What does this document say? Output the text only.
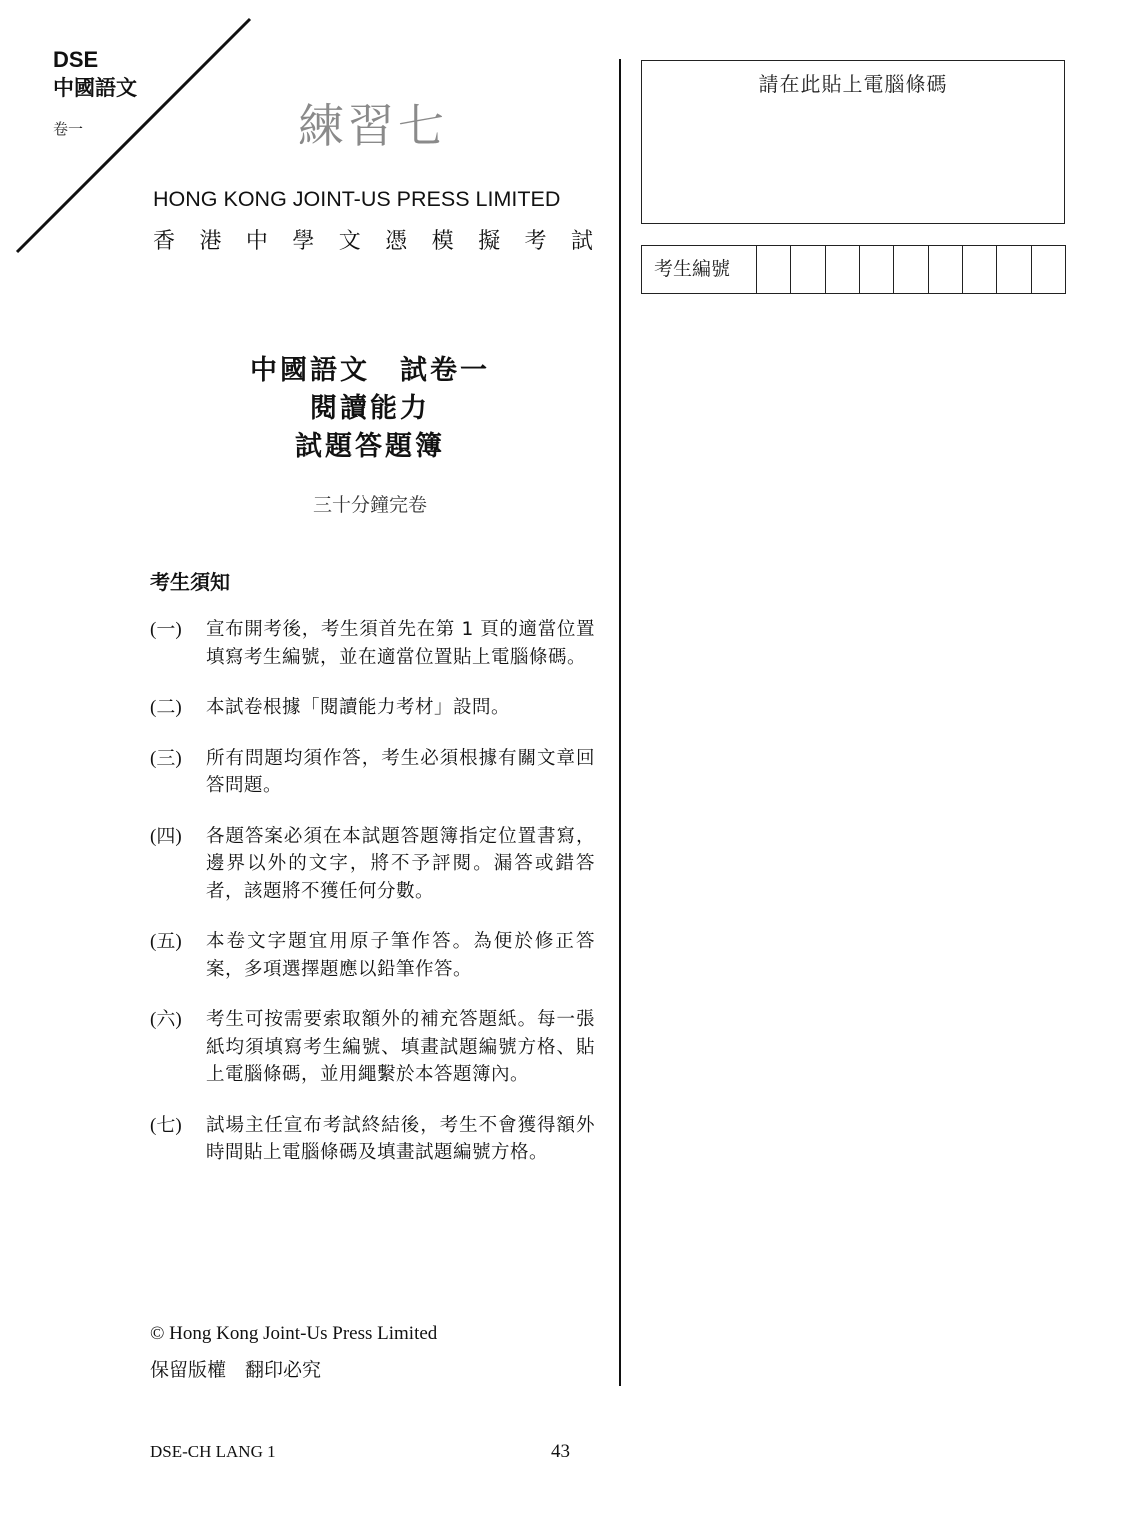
DSE
中國語文
卷一	練習七
HONG KONG JOINT-US PRESS LIMITED
香 港 中 學 文 憑 模 擬 考 試
中國語文　試卷一
閱讀能力
試題答題簿
三十分鐘完卷
考生須知
(一)	宣布開考後，考生須首先在第 1 頁的適當位置填寫考生編號，並在適當位置貼上電腦條碼。
(二)	本試卷根據「閱讀能力考材」設問。
(三)	所有問題均須作答，考生必須根據有關文章回答問題。
(四)	各題答案必須在本試題答題簿指定位置書寫，邊界以外的文字，將不予評閱。漏答或錯答者，該題將不獲任何分數。
(五)	本卷文字題宜用原子筆作答。為便於修正答案，多項選擇題應以鉛筆作答。
(六)	考生可按需要索取額外的補充答題紙。每一張紙均須填寫考生編號、填畫試題編號方格、貼上電腦條碼，並用繩繫於本答題簿內。
(七)	試場主任宣布考試終結後，考生不會獲得額外時間貼上電腦條碼及填畫試題編號方格。
© Hong Kong Joint-Us Press Limited
保留版權　翻印必究
DSE-CH LANG 1	43
請在此貼上電腦條碼
考生編號
